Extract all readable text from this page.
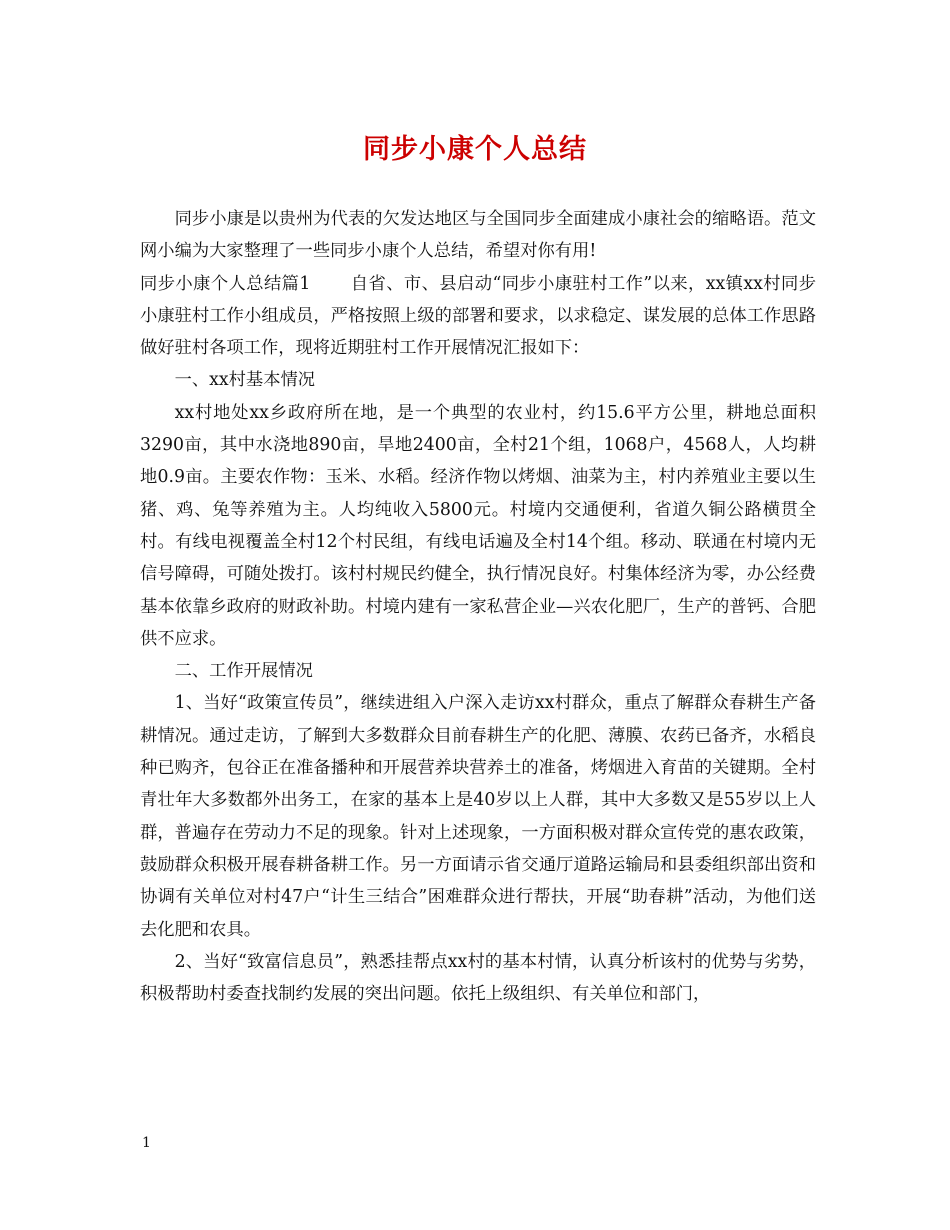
同步小康个人总结

同步小康是以贵州为代表的欠发达地区与全国同步全面建成小康社会的缩略语。范文网小编为大家整理了一些同步小康个人总结，希望对你有用!

同步小康个人总结篇1 自省、市、县启动“同步小康驻村工作”以来，xx镇xx村同步小康驻村工作小组成员，严格按照上级的部署和要求，以求稳定、谋发展的总体工作思路做好驻村各项工作，现将近期驻村工作开展情况汇报如下：

一、xx村基本情况

xx村地处xx乡政府所在地，是一个典型的农业村，约15.6平方公里，耕地总面积3290亩，其中水浇地890亩，旱地2400亩，全村21个组，1068户，4568人，人均耕地0.9亩。主要农作物：玉米、水稻。经济作物以烤烟、油菜为主，村内养殖业主要以生猪、鸡、兔等养殖为主。人均纯收入5800元。村境内交通便利，省道久铜公路横贯全村。有线电视覆盖全村12个村民组，有线电话遍及全村14个组。移动、联通在村境内无信号障碍，可随处拨打。该村村规民约健全，执行情况良好。村集体经济为零，办公经费基本依靠乡政府的财政补助。村境内建有一家私营企业—兴农化肥厂，生产的普钙、合肥供不应求。

二、工作开展情况

1、当好“政策宣传员”，继续进组入户深入走访xx村群众，重点了解群众春耕生产备耕情况。通过走访，了解到大多数群众目前春耕生产的化肥、薄膜、农药已备齐，水稻良种已购齐，包谷正在准备播种和开展营养块营养土的准备，烤烟进入育苗的关键期。全村青壮年大多数都外出务工，在家的基本上是40岁以上人群，其中大多数又是55岁以上人群，普遍存在劳动力不足的现象。针对上述现象，一方面积极对群众宣传党的惠农政策，鼓励群众积极开展春耕备耕工作。另一方面请示省交通厅道路运输局和县委组织部出资和协调有关单位对村47户“计生三结合”困难群众进行帮扶，开展“助春耕”活动，为他们送去化肥和农具。

2、当好“致富信息员”，熟悉挂帮点xx村的基本村情，认真分析该村的优势与劣势，积极帮助村委查找制约发展的突出问题。依托上级组织、有关单位和部门，

1
